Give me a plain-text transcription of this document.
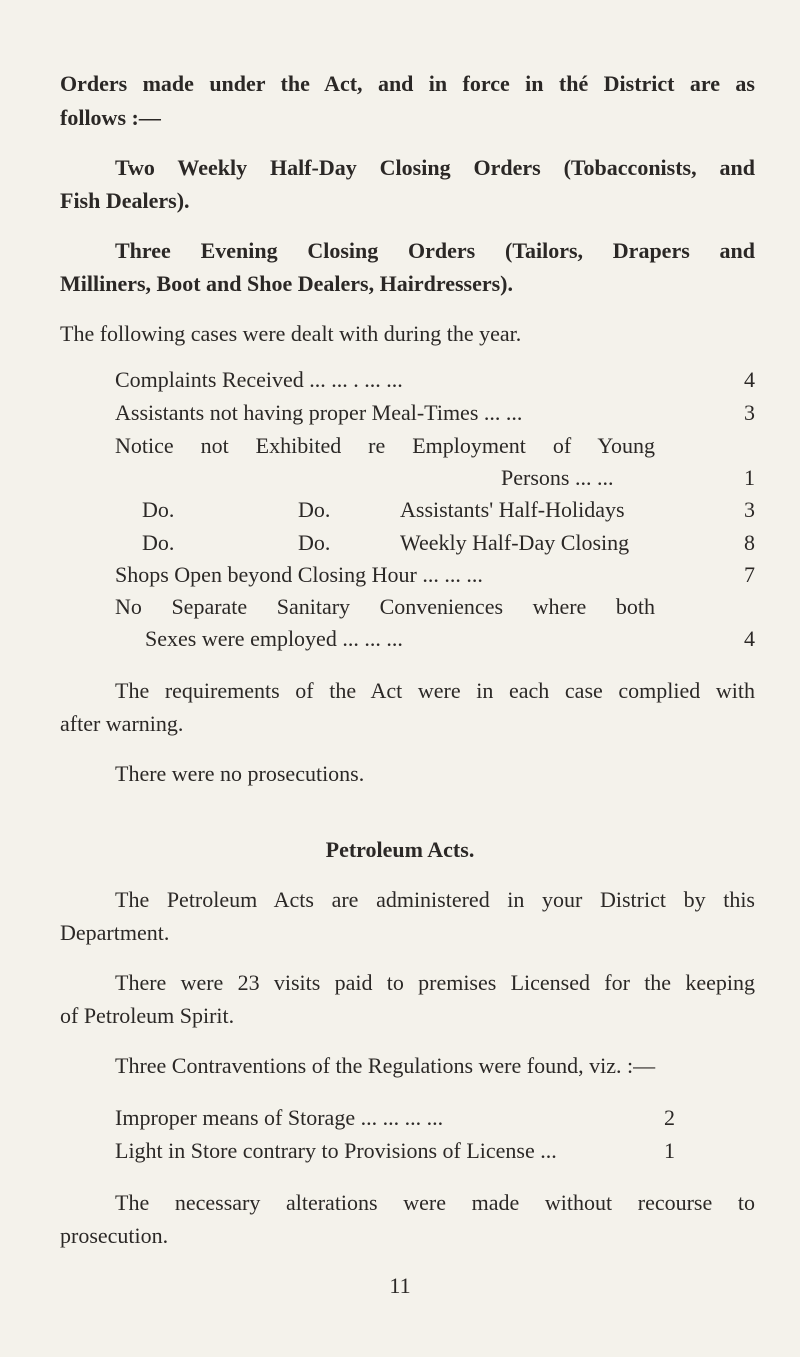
Orders made under the Act, and in force in thé District are as
follows :—
Two Weekly Half-Day Closing Orders (Tobacconists, and
Fish Dealers).
Three Evening Closing Orders (Tailors, Drapers and
Milliners, Boot and Shoe Dealers, Hairdressers).
The following cases were dealt with during the year.
Complaints Received ... ... . ... ...	4
Assistants not having proper Meal-Times ... ...	3
Notice not Exhibited re Employment of Young
Persons ... ...	1
Do.	Do.	Assistants' Half-Holidays	3
Do.	Do.	Weekly Half-Day Closing	8
Shops Open beyond Closing Hour ... ... ...	7
No Separate Sanitary Conveniences where both
Sexes were employed ... ... ...	4
The requirements of the Act were in each case complied with
after warning.
There were no prosecutions.
Petroleum Acts.
The Petroleum Acts are administered in your District by this
Department.
There were 23 visits paid to premises Licensed for the keeping
of Petroleum Spirit.
Three Contraventions of the Regulations were found, viz. :—
Improper means of Storage ... ... ... ...	2
Light in Store contrary to Provisions of License ...	1
The necessary alterations were made without recourse to
prosecution.
11
